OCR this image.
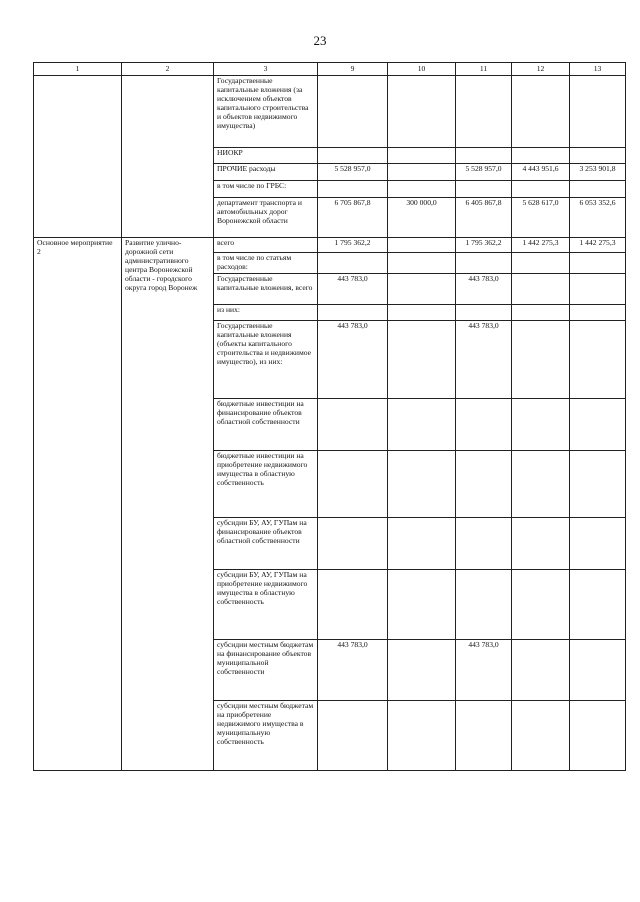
23
1	2	3	9	10	11	12	13
		Государственные капитальные вложения (за исключением объектов капитального строительства и объектов недвижимого имущества)					
		НИОКР					
		ПРОЧИЕ расходы	5 528 957,0		5 528 957,0	4 443 951,6	3 253 901,8
		в том числе по ГРБС:					
		департамент транспорта и автомобильных дорог Воронежской области	6 705 867,8	300 000,0	6 405 867,8	5 628 617,0	6 053 352,6
Основное мероприятие 2	Развитие улично-дорожной сети административного центра Воронежской области - городского округа город Воронеж	всего	1 795 362,2		1 795 362,2	1 442 275,3	1 442 275,3
		в том числе по статьям расходов:					
		Государственные капитальные вложения, всего	443 783,0		443 783,0		
		из них:					
		Государственные капитальные вложения (объекты капитального строительства и недвижимое имущество), из них:	443 783,0		443 783,0		
		бюджетные инвестиции на финансирование объектов областной собственности					
		бюджетные инвестиции на приобретение недвижимого имущества в областную собственность					
		субсидии БУ, АУ, ГУПам на финансирование объектов областной собственности					
		субсидии БУ, АУ, ГУПам на приобретение недвижимого имущества в областную собственность					
		субсидии местным бюджетам на финансирование объектов муниципальной собственности	443 783,0		443 783,0		
		субсидии местным бюджетам на приобретение недвижимого имущества в муниципальную собственность					
